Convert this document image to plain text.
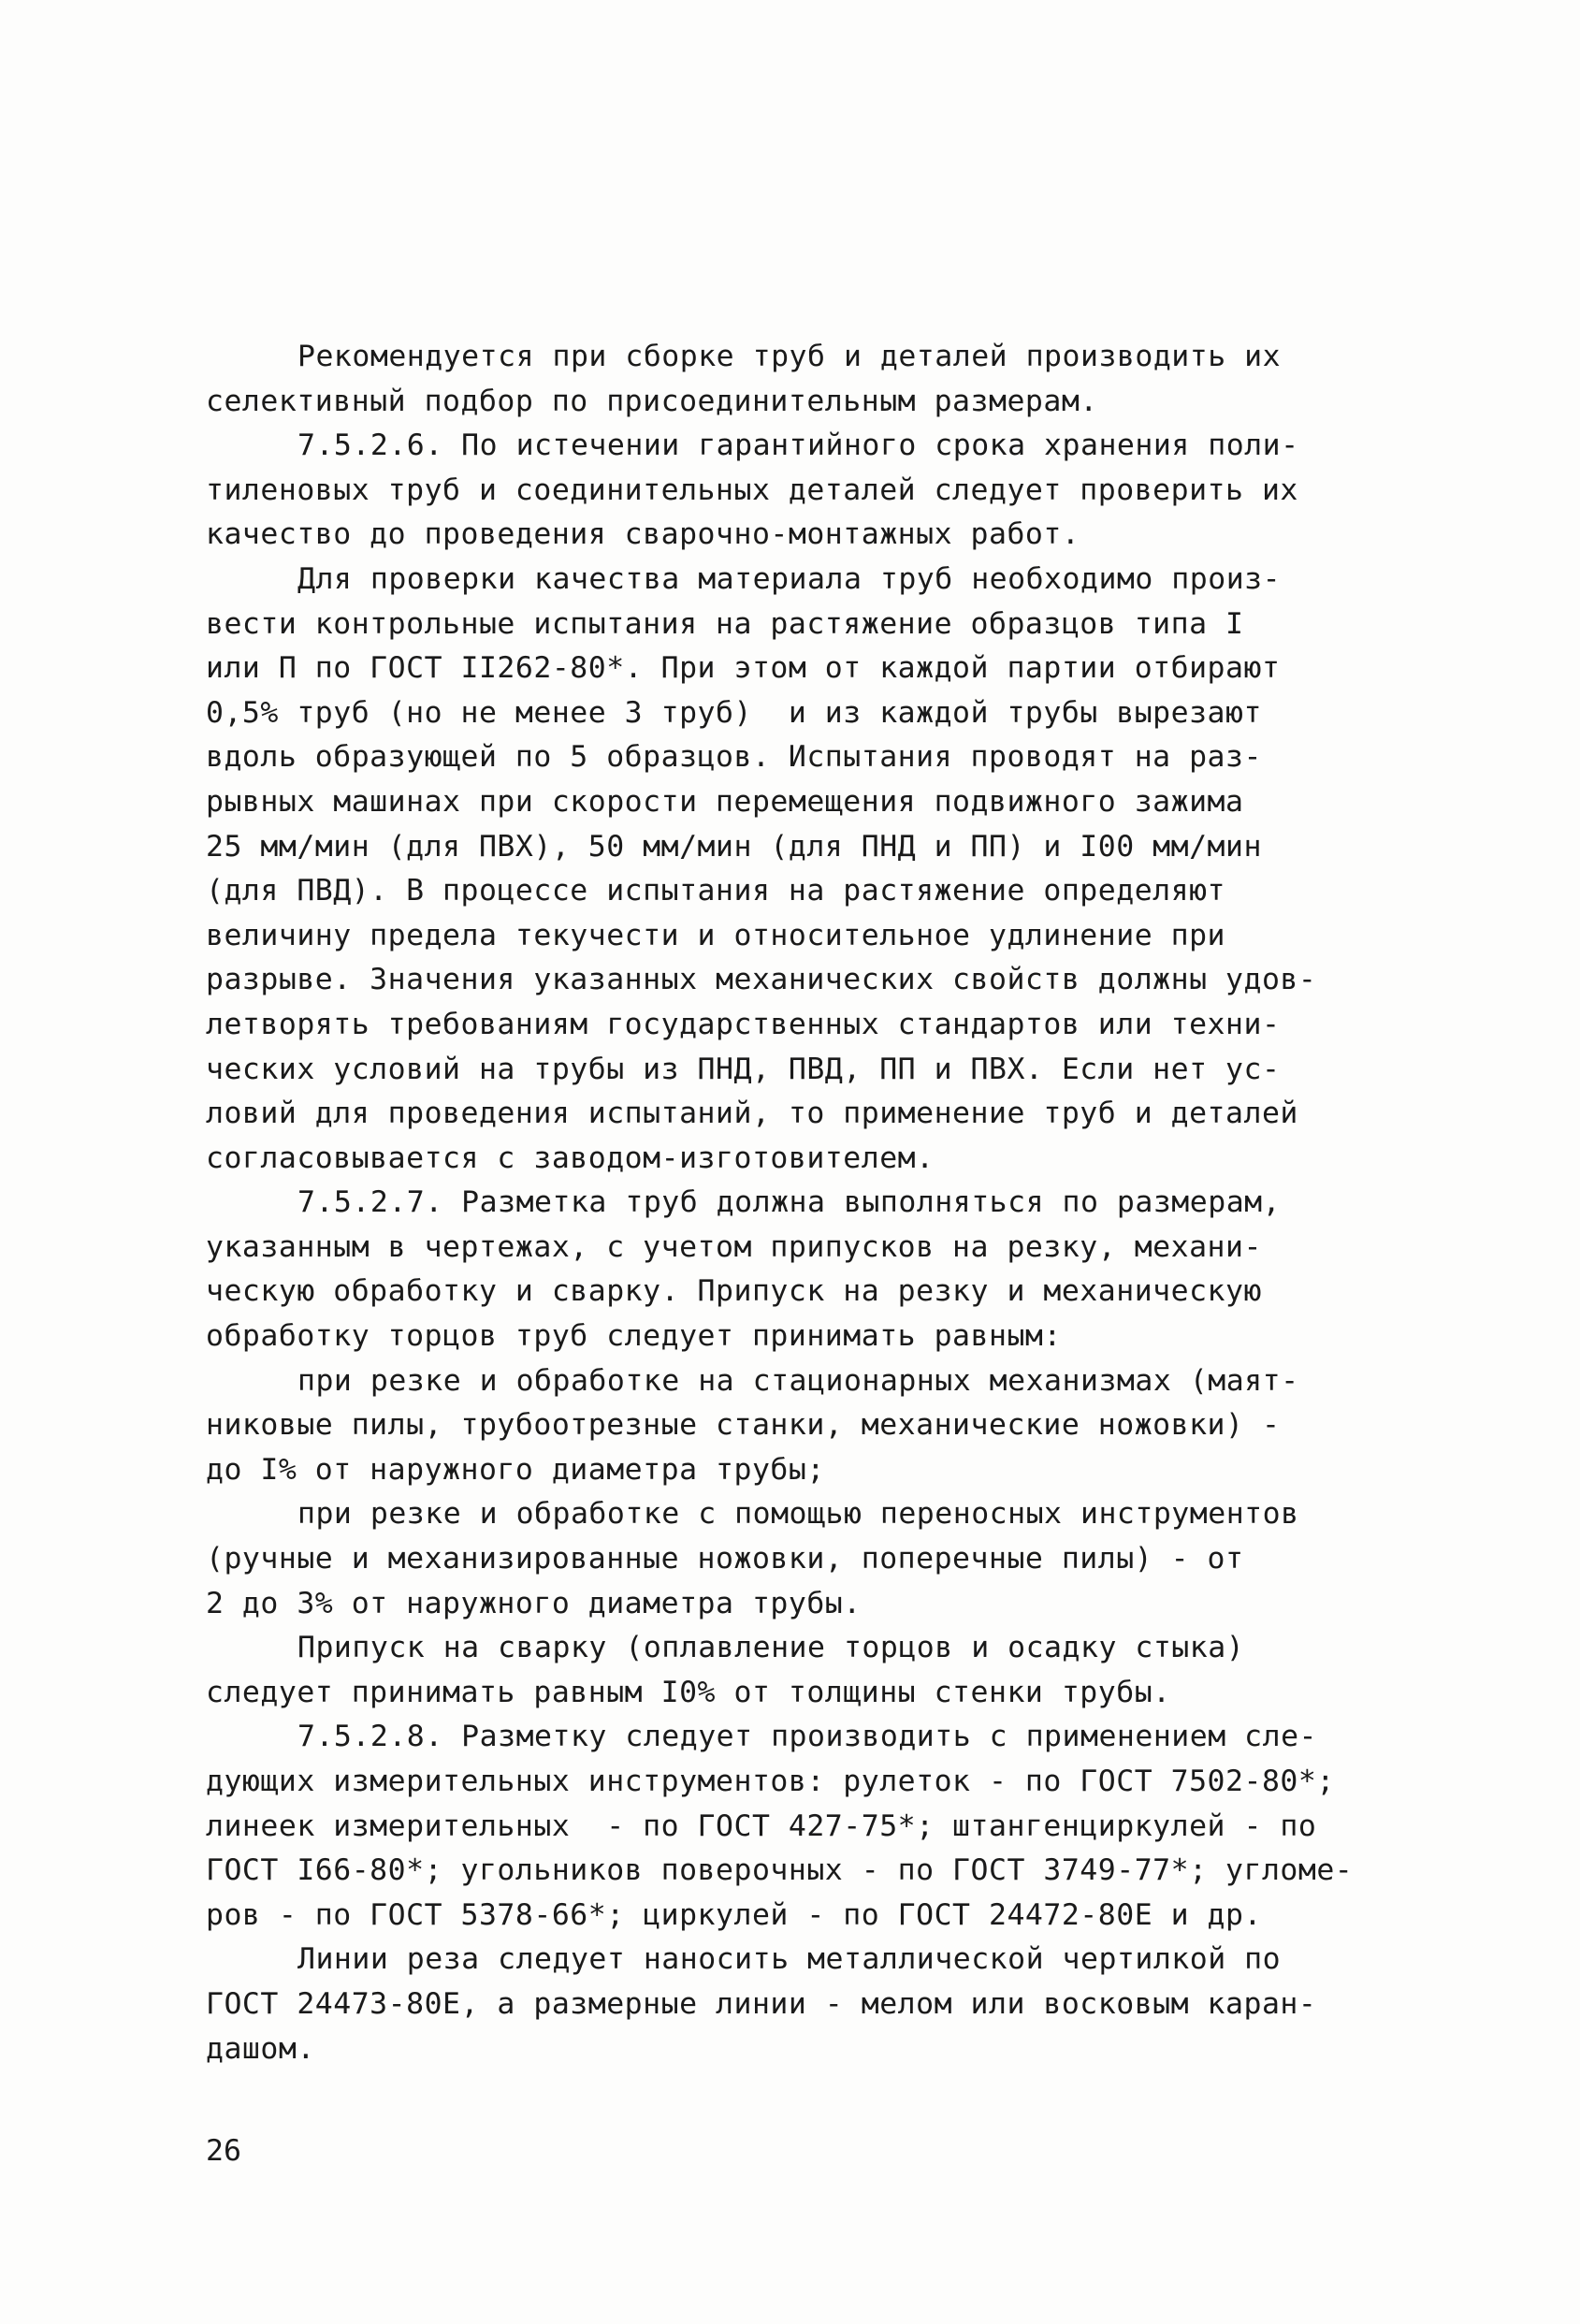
Рекомендуется при сборке труб и деталей производить их
селективный подбор по присоединительным размерам.
7.5.2.6. По истечении гарантийного срока хранения поли-
тиленовых труб и соединительных деталей следует проверить их
качество до проведения сварочно-монтажных работ.
Для проверки качества материала труб необходимо произ-
вести контрольные испытания на растяжение образцов типа I
или П по ГОСТ II262-80*. При этом от каждой партии отбирают
0,5% труб (но не менее 3 труб)  и из каждой трубы вырезают
вдоль образующей по 5 образцов. Испытания проводят на раз-
рывных машинах при скорости перемещения подвижного зажима
25 мм/мин (для ПВХ), 50 мм/мин (для ПНД и ПП) и I00 мм/мин
(для ПВД). В процессе испытания на растяжение определяют
величину предела текучести и относительное удлинение при
разрыве. Значения указанных механических свойств должны удов-
летворять требованиям государственных стандартов или техни-
ческих условий на трубы из ПНД, ПВД, ПП и ПВХ. Если нет ус-
ловий для проведения испытаний, то применение труб и деталей
согласовывается с заводом-изготовителем.
7.5.2.7. Разметка труб должна выполняться по размерам,
указанным в чертежах, с учетом припусков на резку, механи-
ческую обработку и сварку. Припуск на резку и механическую
обработку торцов труб следует принимать равным:
при резке и обработке на стационарных механизмах (маят-
никовые пилы, трубоотрезные станки, механические ножовки) -
до I% от наружного диаметра трубы;
при резке и обработке с помощью переносных инструментов
(ручные и механизированные ножовки, поперечные пилы) - от
2 до 3% от наружного диаметра трубы.
Припуск на сварку (оплавление торцов и осадку стыка)
следует принимать равным I0% от толщины стенки трубы.
7.5.2.8. Разметку следует производить с применением сле-
дующих измерительных инструментов: рулеток - по ГОСТ 7502-80*;
линеек измерительных  - по ГОСТ 427-75*; штангенциркулей - по
ГОСТ I66-80*; угольников поверочных - по ГОСТ 3749-77*; угломе-
ров - по ГОСТ 5378-66*; циркулей - по ГОСТ 24472-80Е и др.
Линии реза следует наносить металлической чертилкой по
ГОСТ 24473-80Е, а размерные линии - мелом или восковым каран-
дашом.
26
